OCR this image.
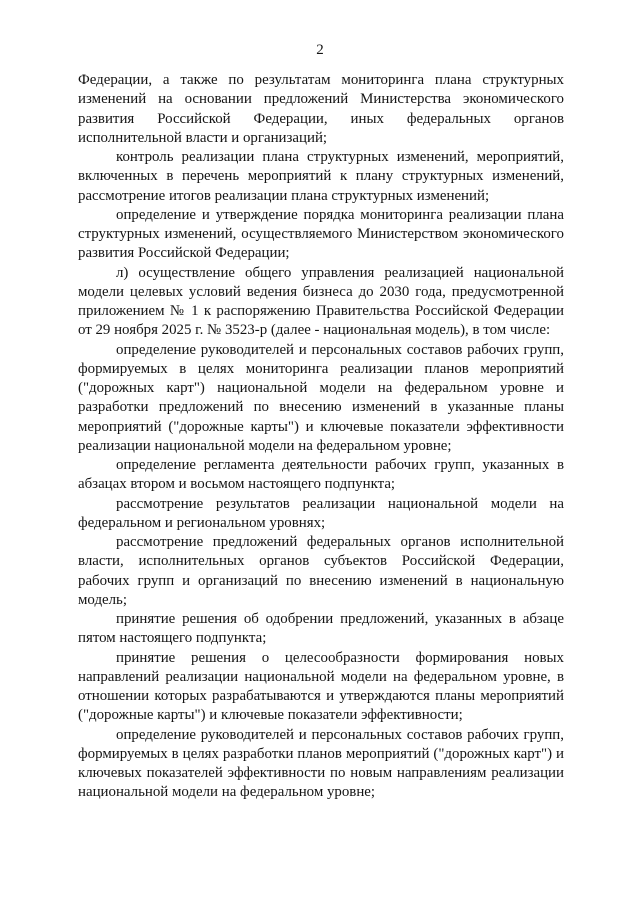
2

Федерации, а также по результатам мониторинга плана структурных изменений на основании предложений Министерства экономического развития Российской Федерации, иных федеральных органов исполнительной власти и организаций;

контроль реализации плана структурных изменений, мероприятий, включенных в перечень мероприятий к плану структурных изменений, рассмотрение итогов реализации плана структурных изменений;

определение и утверждение порядка мониторинга реализации плана структурных изменений, осуществляемого Министерством экономического развития Российской Федерации;

л) осуществление общего управления реализацией национальной модели целевых условий ведения бизнеса до 2030 года, предусмотренной приложением № 1 к распоряжению Правительства Российской Федерации от 29 ноября 2025 г. № 3523-р (далее - национальная модель), в том числе:

определение руководителей и персональных составов рабочих групп, формируемых в целях мониторинга реализации планов мероприятий ("дорожных карт") национальной модели на федеральном уровне и разработки предложений по внесению изменений в указанные планы мероприятий ("дорожные карты") и ключевые показатели эффективности реализации национальной модели на федеральном уровне;

определение регламента деятельности рабочих групп, указанных в абзацах втором и восьмом настоящего подпункта;

рассмотрение результатов реализации национальной модели на федеральном и региональном уровнях;

рассмотрение предложений федеральных органов исполнительной власти, исполнительных органов субъектов Российской Федерации, рабочих групп и организаций по внесению изменений в национальную модель;

принятие решения об одобрении предложений, указанных в абзаце пятом настоящего подпункта;

принятие решения о целесообразности формирования новых направлений реализации национальной модели на федеральном уровне, в отношении которых разрабатываются и утверждаются планы мероприятий ("дорожные карты") и ключевые показатели эффективности;

определение руководителей и персональных составов рабочих групп, формируемых в целях разработки планов мероприятий ("дорожных карт") и ключевых показателей эффективности по новым направлениям реализации национальной модели на федеральном уровне;
